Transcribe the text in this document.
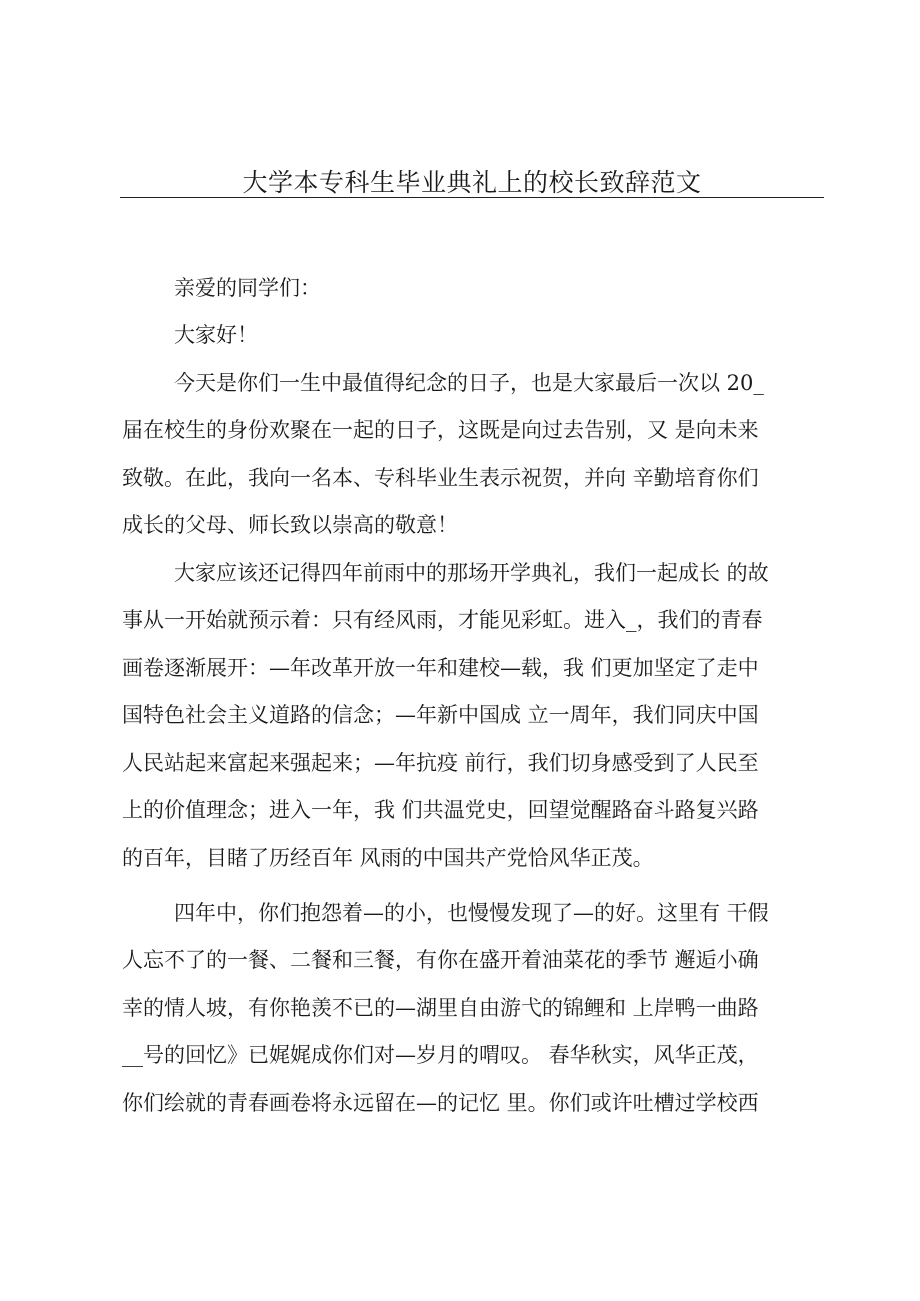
大学本专科生毕业典礼上的校长致辞范文
亲爱的同学们：
大家好！
今天是你们一生中最值得纪念的日子，也是大家最后一次以 20_
届在校生的身份欢聚在一起的日子，这既是向过去告别，又 是向未来
致敬。在此，我向一名本、专科毕业生表示祝贺，并向 辛勤培育你们
成长的父母、师长致以崇高的敬意！
大家应该还记得四年前雨中的那场开学典礼，我们一起成长 的故
事从一开始就预示着：只有经风雨，才能见彩虹。进入_，我们的青春
画卷逐渐展开：—年改革开放一年和建校—载，我 们更加坚定了走中
国特色社会主义道路的信念；—年新中国成 立一周年，我们同庆中国
人民站起来富起来强起来；—年抗疫 前行，我们切身感受到了人民至
上的价值理念；进入一年，我 们共温党史，回望觉醒路奋斗路复兴路
的百年，目睹了历经百年 风雨的中国共产党恰风华正茂。
四年中，你们抱怨着—的小，也慢慢发现了—的好。这里有 干假
人忘不了的一餐、二餐和三餐，有你在盛开着油菜花的季节 邂逅小确
幸的情人坡，有你艳羡不已的—湖里自由游弋的锦鲤和 上岸鸭一曲路
__号的回忆》已娓娓成你们对—岁月的喟叹。 春华秋实，风华正茂，
你们绘就的青春画卷将永远留在—的记忆 里。你们或许吐槽过学校西
